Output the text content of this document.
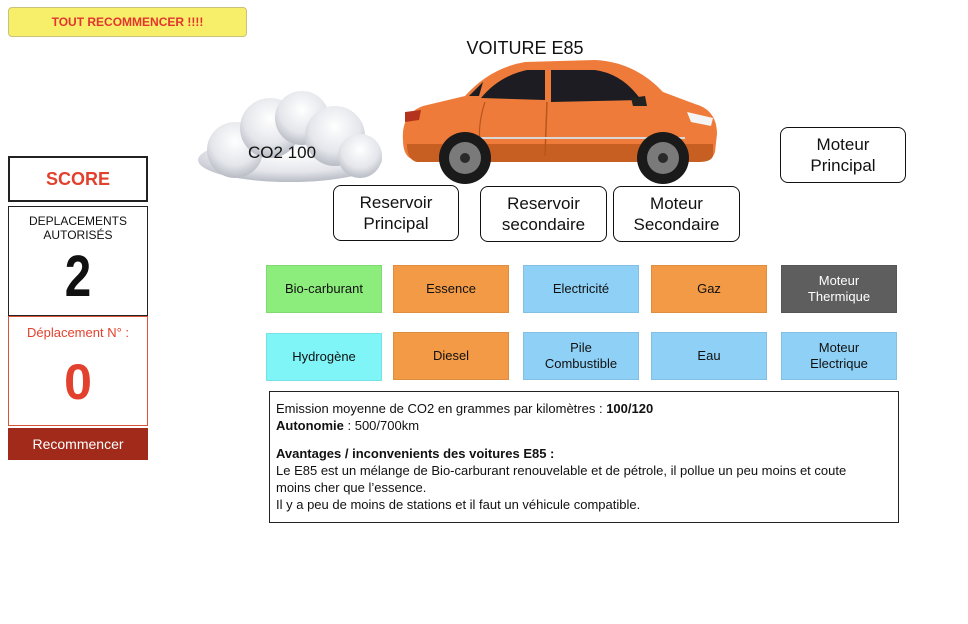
TOUT RECOMMENCER !!!!
SCORE
DEPLACEMENTS
AUTORISÉS
2
Déplacement N° :
0
Recommencer
VOITURE E85
CO2 100	Moteur
Principal
Reservoir
Principal
Reservoir
secondaire
Moteur
Secondaire
Bio-carburant	Essence	Electricité	Gaz
Moteur
Thermique
Hydrogène	Diesel
Pile
Combustible
Eau
Moteur
Electrique
Emission moyenne de CO2 en grammes par kilomètres : 100/120
Autonomie : 500/700km
Avantages / inconvenients des voitures E85 :
Le E85 est un mélange de Bio-carburant renouvelable et de pétrole, il pollue un peu moins et coute
moins cher que l’essence.
Il y a peu de moins de stations et il faut un véhicule compatible.
